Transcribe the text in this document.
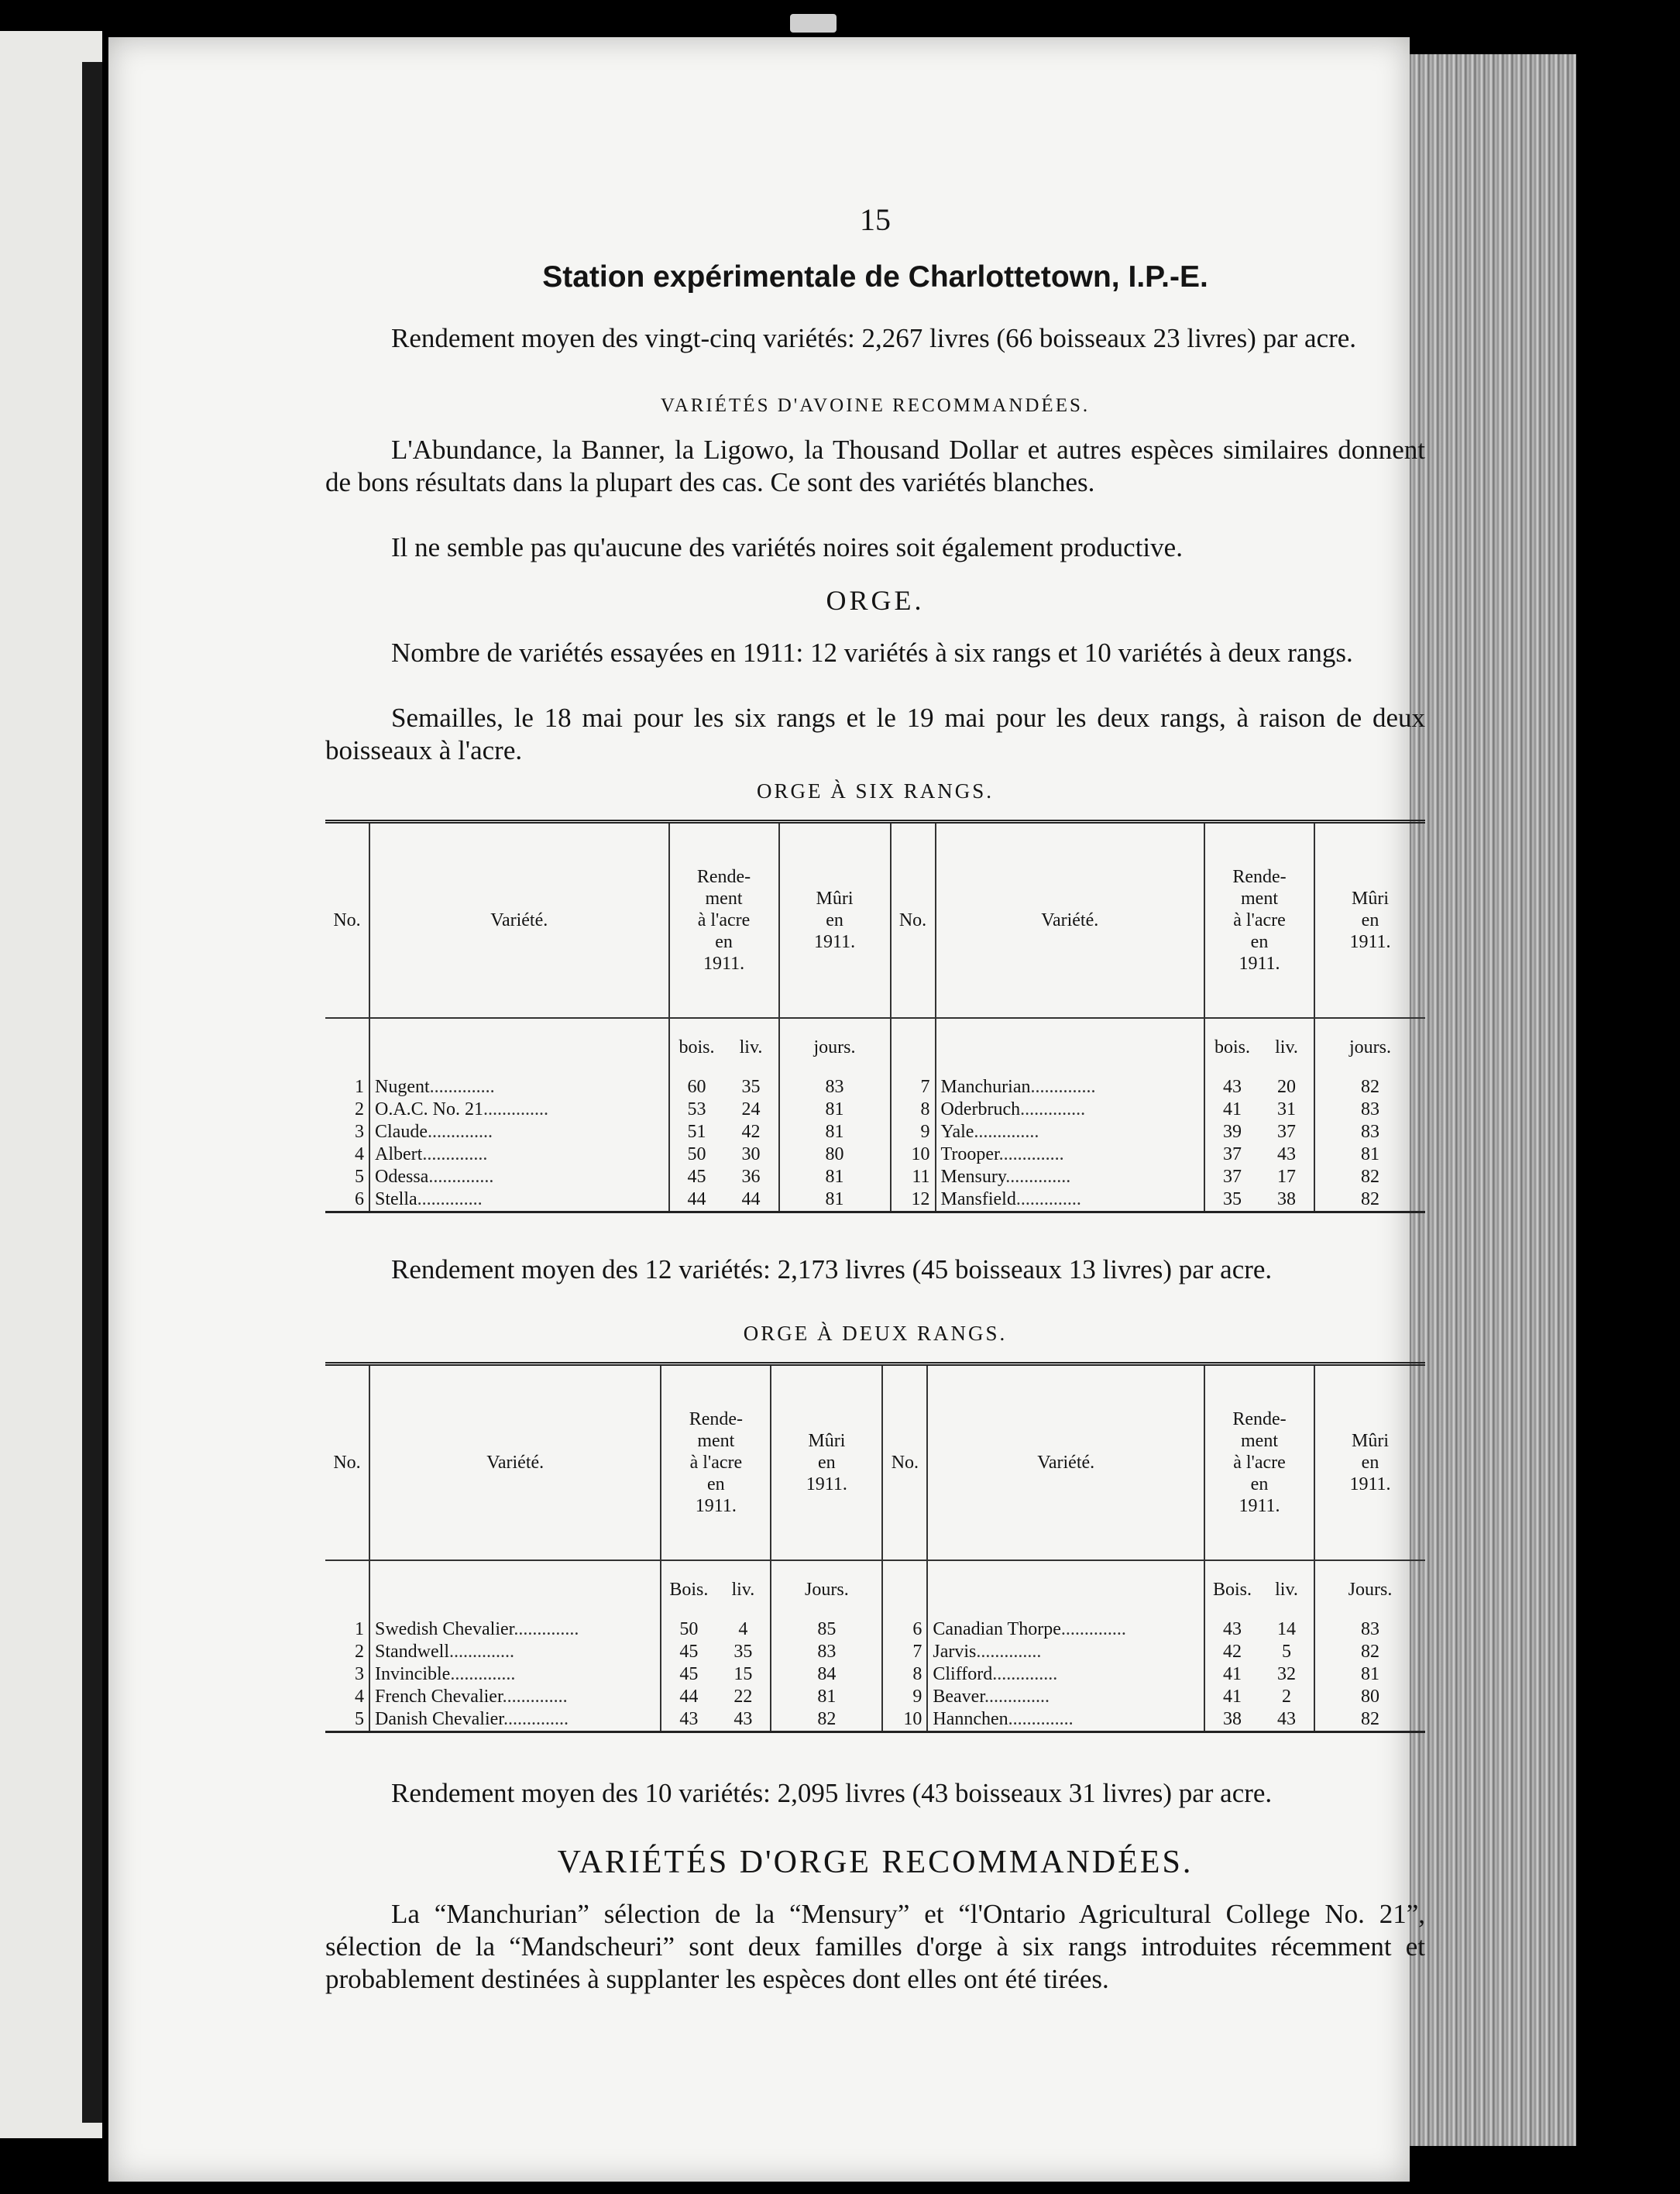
15
Station expérimentale de Charlottetown, I.P.-E.
Rendement moyen des vingt-cinq variétés: 2,267 livres (66 boisseaux 23 livres) par acre.
VARIÉTÉS D'AVOINE RECOMMANDÉES.
L'Abundance, la Banner, la Ligowo, la Thousand Dollar et autres espèces similaires donnent de bons résultats dans la plupart des cas. Ce sont des variétés blanches.
Il ne semble pas qu'aucune des variétés noires soit également productive.
ORGE.
Nombre de variétés essayées en 1911: 12 variétés à six rangs et 10 variétés à deux rangs.
Semailles, le 18 mai pour les six rangs et le 19 mai pour les deux rangs, à raison de deux boisseaux à l'acre.
ORGE À SIX RANGS.
No.	Variété.	Rende-
ment
à l'acre
en
1911.		Mûri
en
1911.	No.	Variété.	Rende-
ment
à l'acre
en
1911.		Mûri
en
1911.
		bois.	liv.	jours.			bois.	liv.	jours.
1	Nugent..............	60	35	83	7	Manchurian..............	43	20	82
2	O.A.C. No. 21..............	53	24	81	8	Oderbruch..............	41	31	83
3	Claude..............	51	42	81	9	Yale..............	39	37	83
4	Albert..............	50	30	80	10	Trooper..............	37	43	81
5	Odessa..............	45	36	81	11	Mensury..............	37	17	82
6	Stella..............	44	44	81	12	Mansfield..............	35	38	82
Rendement moyen des 12 variétés: 2,173 livres (45 boisseaux 13 livres) par acre.
ORGE À DEUX RANGS.
No.	Variété.	Rende-
ment
à l'acre
en
1911.		Mûri
en
1911.	No.	Variété.	Rende-
ment
à l'acre
en
1911.		Mûri
en
1911.
		Bois.	liv.	Jours.			Bois.	liv.	Jours.
1	Swedish Chevalier..............	50	4	85	6	Canadian Thorpe..............	43	14	83
2	Standwell..............	45	35	83	7	Jarvis..............	42	5	82
3	Invincible..............	45	15	84	8	Clifford..............	41	32	81
4	French Chevalier..............	44	22	81	9	Beaver..............	41	2	80
5	Danish Chevalier..............	43	43	82	10	Hannchen..............	38	43	82
Rendement moyen des 10 variétés: 2,095 livres (43 boisseaux 31 livres) par acre.
VARIÉTÉS D'ORGE RECOMMANDÉES.
La “Manchurian” sélection de la “Mensury” et “l'Ontario Agricultural College No. 21”, sélection de la “Mandscheuri” sont deux familles d'orge à six rangs introduites récemment et probablement destinées à supplanter les espèces dont elles ont été tirées.
